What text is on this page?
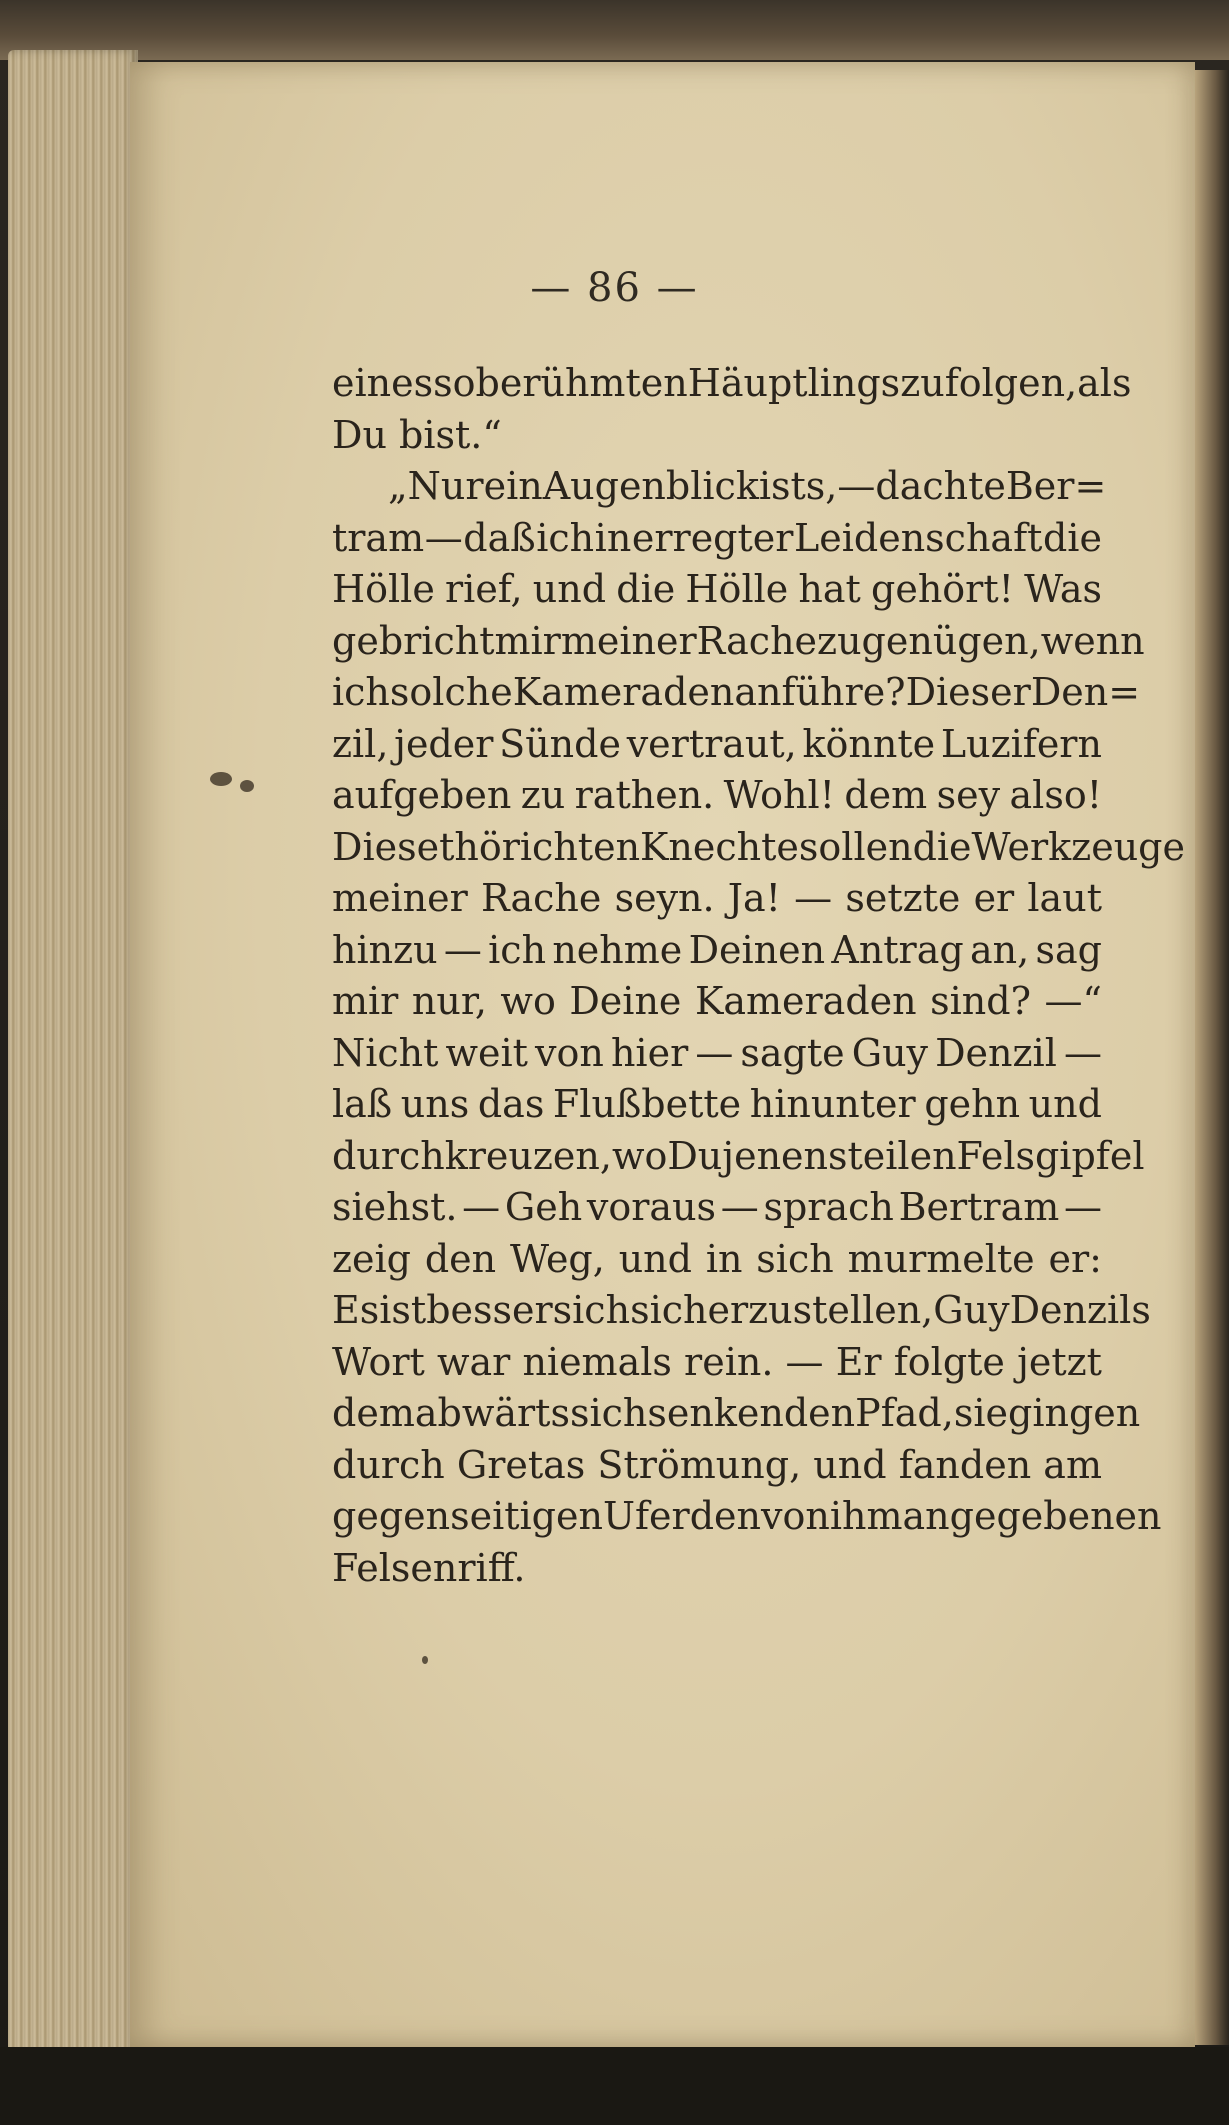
— 86 —
eines so berühmten Häuptlings zu folgen, als
Du bist.“
„Nur ein Augenblick ists, — dachte Ber=
tram — daß ich in erregter Leidenschaft die
Hölle rief, und die Hölle hat gehört! Was
gebricht mir meiner Rache zu genügen, wenn
ich solche Kameraden anführe? Dieser Den=
zil, jeder Sünde vertraut, könnte Luzifern
aufgeben zu rathen. Wohl! dem sey also!
Diese thörichten Knechte sollen die Werkzeuge
meiner Rache seyn. Ja! — setzte er laut
hinzu — ich nehme Deinen Antrag an, sag
mir nur, wo Deine Kameraden sind? —“
Nicht weit von hier — sagte Guy Denzil —
laß uns das Flußbette hinunter gehn und
durchkreuzen, wo Du jenen steilen Felsgipfel
siehst. — Geh voraus — sprach Bertram —
zeig den Weg, und in sich murmelte er:
Es ist besser sich sicher zu stellen, Guy Denzils
Wort war niemals rein. — Er folgte jetzt
dem abwärts sich senkenden Pfad, sie gingen
durch Gretas Strömung, und fanden am
gegenseitigen Ufer den von ihm angegebenen
Felsenriff.
